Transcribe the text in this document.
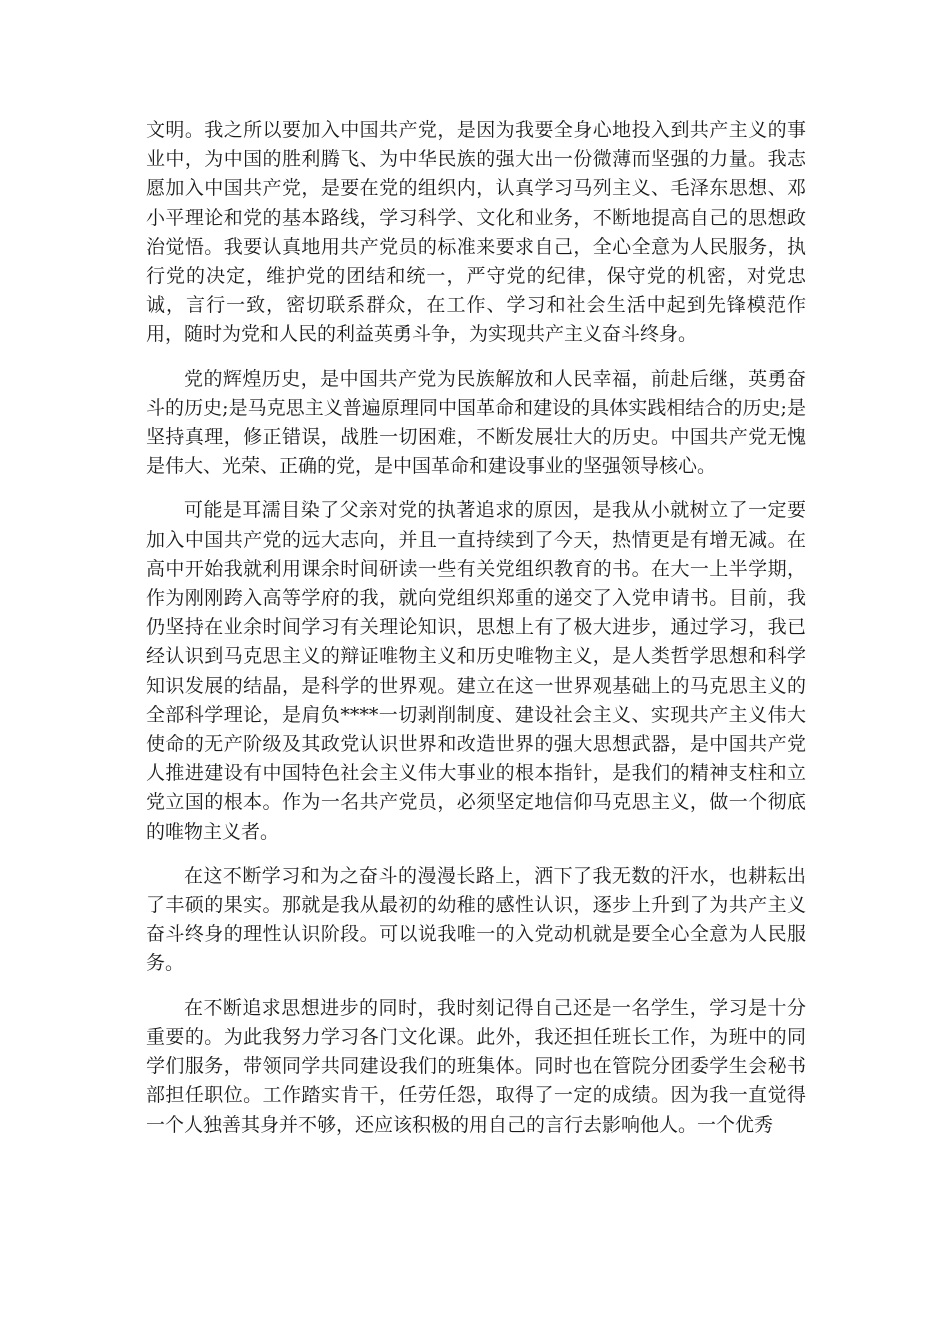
文明。我之所以要加入中国共产党，是因为我要全身心地投入到共产主义的事业中，为中国的胜利腾飞、为中华民族的强大出一份微薄而坚强的力量。我志愿加入中国共产党，是要在党的组织内，认真学习马列主义、毛泽东思想、邓小平理论和党的基本路线，学习科学、文化和业务，不断地提高自己的思想政治觉悟。我要认真地用共产党员的标准来要求自己，全心全意为人民服务，执行党的决定，维护党的团结和统一，严守党的纪律，保守党的机密，对党忠诚，言行一致，密切联系群众，在工作、学习和社会生活中起到先锋模范作用，随时为党和人民的利益英勇斗争，为实现共产主义奋斗终身。

党的辉煌历史，是中国共产党为民族解放和人民幸福，前赴后继，英勇奋斗的历史;是马克思主义普遍原理同中国革命和建设的具体实践相结合的历史;是坚持真理，修正错误，战胜一切困难，不断发展壮大的历史。中国共产党无愧是伟大、光荣、正确的党，是中国革命和建设事业的坚强领导核心。

可能是耳濡目染了父亲对党的执著追求的原因，是我从小就树立了一定要加入中国共产党的远大志向，并且一直持续到了今天，热情更是有增无减。在高中开始我就利用课余时间研读一些有关党组织教育的书。在大一上半学期，作为刚刚跨入高等学府的我，就向党组织郑重的递交了入党申请书。目前，我仍坚持在业余时间学习有关理论知识，思想上有了极大进步，通过学习，我已经认识到马克思主义的辩证唯物主义和历史唯物主义，是人类哲学思想和科学知识发展的结晶，是科学的世界观。建立在这一世界观基础上的马克思主义的全部科学理论，是肩负****一切剥削制度、建设社会主义、实现共产主义伟大使命的无产阶级及其政党认识世界和改造世界的强大思想武器，是中国共产党人推进建设有中国特色社会主义伟大事业的根本指针，是我们的精神支柱和立党立国的根本。作为一名共产党员，必须坚定地信仰马克思主义，做一个彻底的唯物主义者。

在这不断学习和为之奋斗的漫漫长路上，洒下了我无数的汗水，也耕耘出了丰硕的果实。那就是我从最初的幼稚的感性认识，逐步上升到了为共产主义奋斗终身的理性认识阶段。可以说我唯一的入党动机就是要全心全意为人民服务。

在不断追求思想进步的同时，我时刻记得自己还是一名学生，学习是十分重要的。为此我努力学习各门文化课。此外，我还担任班长工作，为班中的同学们服务，带领同学共同建设我们的班集体。同时也在管院分团委学生会秘书部担任职位。工作踏实肯干，任劳任怨，取得了一定的成绩。因为我一直觉得一个人独善其身并不够，还应该积极的用自己的言行去影响他人。一个优秀
